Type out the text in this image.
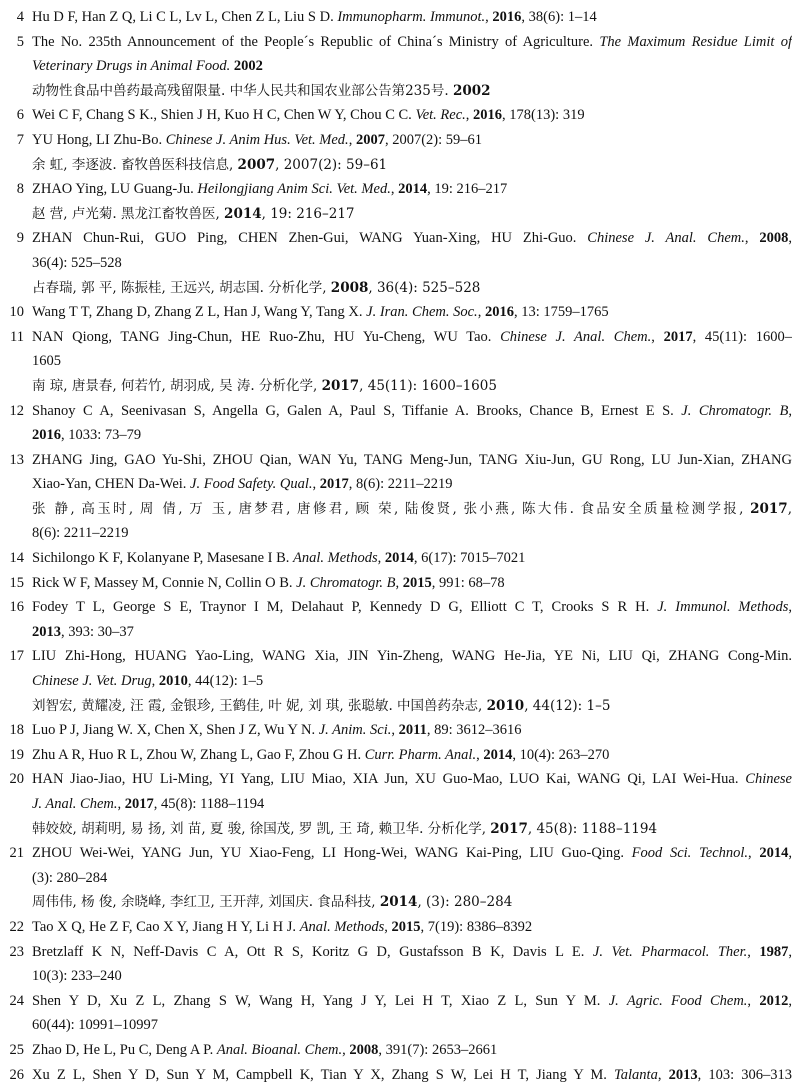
4 Hu D F, Han Z Q, Li C L, Lv L, Chen Z L, Liu S D. Immunopharm. Immunot., 2016, 38(6): 1–14
5 The No. 235th Announcement of the People´s Republic of China´s Ministry of Agriculture. The Maximum Residue Limit of
Veterinary Drugs in Animal Food. 2002
动物性食品中兽药最高残留限量. 中华人民共和国农业部公告第235号. 2002
6 Wei C F, Chang S K., Shien J H, Kuo H C, Chen W Y, Chou C C. Vet. Rec., 2016, 178(13): 319
7 YU Hong, LI Zhu-Bo. Chinese J. Anim Hus. Vet. Med., 2007, 2007(2): 59–61
余 虹, 李逐波. 畜牧兽医科技信息, 2007, 2007(2): 59–61
8 ZHAO Ying, LU Guang-Ju. Heilongjiang Anim Sci. Vet. Med., 2014, 19: 216–217
赵 营, 卢光菊. 黑龙江畜牧兽医, 2014, 19: 216–217
9 ZHAN Chun-Rui, GUO Ping, CHEN Zhen-Gui, WANG Yuan-Xing, HU Zhi-Guo. Chinese J. Anal. Chem., 2008,
36(4): 525–528
占春瑞, 郭 平, 陈振桂, 王远兴, 胡志国. 分析化学, 2008, 36(4): 525–528
10 Wang T T, Zhang D, Zhang Z L, Han J, Wang Y, Tang X. J. Iran. Chem. Soc., 2016, 13: 1759–1765
11 NAN Qiong, TANG Jing-Chun, HE Ruo-Zhu, HU Yu-Cheng, WU Tao. Chinese J. Anal. Chem., 2017, 45(11): 1600–
1605
南 琼, 唐景春, 何若竹, 胡羽成, 吴 涛. 分析化学, 2017, 45(11): 1600–1605
12 Shanoy C A, Seenivasan S, Angella G, Galen A, Paul S, Tiffanie A. Brooks, Chance B, Ernest E S. J. Chromatogr. B,
2016, 1033: 73–79
13 ZHANG Jing, GAO Yu-Shi, ZHOU Qian, WAN Yu, TANG Meng-Jun, TANG Xiu-Jun, GU Rong, LU Jun-Xian, ZHANG
Xiao-Yan, CHEN Da-Wei. J. Food Safety. Qual., 2017, 8(6): 2211–2219
张 静, 高玉时, 周 倩, 万 玉, 唐梦君, 唐修君, 顾 荣, 陆俊贤, 张小燕, 陈大伟. 食品安全质量检测学报, 2017,
8(6): 2211–2219
14 Sichilongo K F, Kolanyane P, Masesane I B. Anal. Methods, 2014, 6(17): 7015–7021
15 Rick W F, Massey M, Connie N, Collin O B. J. Chromatogr. B, 2015, 991: 68–78
16 Fodey T L, George S E, Traynor I M, Delahaut P, Kennedy D G, Elliott C T, Crooks S R H. J. Immunol. Methods,
2013, 393: 30–37
17 LIU Zhi-Hong, HUANG Yao-Ling, WANG Xia, JIN Yin-Zheng, WANG He-Jia, YE Ni, LIU Qi, ZHANG Cong-Min.
Chinese J. Vet. Drug, 2010, 44(12): 1–5
刘智宏, 黄耀凌, 汪 霞, 金银珍, 王鹤佳, 叶 妮, 刘 琪, 张聪敏. 中国兽药杂志, 2010, 44(12): 1–5
18 Luo P J, Jiang W. X, Chen X, Shen J Z, Wu Y N. J. Anim. Sci., 2011, 89: 3612–3616
19 Zhu A R, Huo R L, Zhou W, Zhang L, Gao F, Zhou G H. Curr. Pharm. Anal., 2014, 10(4): 263–270
20 HAN Jiao-Jiao, HU Li-Ming, YI Yang, LIU Miao, XIA Jun, XU Guo-Mao, LUO Kai, WANG Qi, LAI Wei-Hua. Chinese
J. Anal. Chem., 2017, 45(8): 1188–1194
韩姣姣, 胡莉明, 易 扬, 刘 苗, 夏 骏, 徐国茂, 罗 凯, 王 琦, 赖卫华. 分析化学, 2017, 45(8): 1188–1194
21 ZHOU Wei-Wei, YANG Jun, YU Xiao-Feng, LI Hong-Wei, WANG Kai-Ping, LIU Guo-Qing. Food Sci. Technol., 2014,
(3): 280–284
周伟伟, 杨 俊, 余晓峰, 李红卫, 王开萍, 刘国庆. 食品科技, 2014, (3): 280–284
22 Tao X Q, He Z F, Cao X Y, Jiang H Y, Li H J. Anal. Methods, 2015, 7(19): 8386–8392
23 Bretzlaff K N, Neff-Davis C A, Ott R S, Koritz G D, Gustafsson B K, Davis L E. J. Vet. Pharmacol. Ther., 1987,
10(3): 233–240
24 Shen Y D, Xu Z L, Zhang S W, Wang H, Yang J Y, Lei H T, Xiao Z L, Sun Y M. J. Agric. Food Chem., 2012,
60(44): 10991–10997
25 Zhao D, He L, Pu C, Deng A P. Anal. Bioanal. Chem., 2008, 391(7): 2653–2661
26 Xu Z L, Shen Y D, Sun Y M, Campbell K, Tian Y X, Zhang S W, Lei H T, Jiang Y M. Talanta, 2013, 103: 306–313
